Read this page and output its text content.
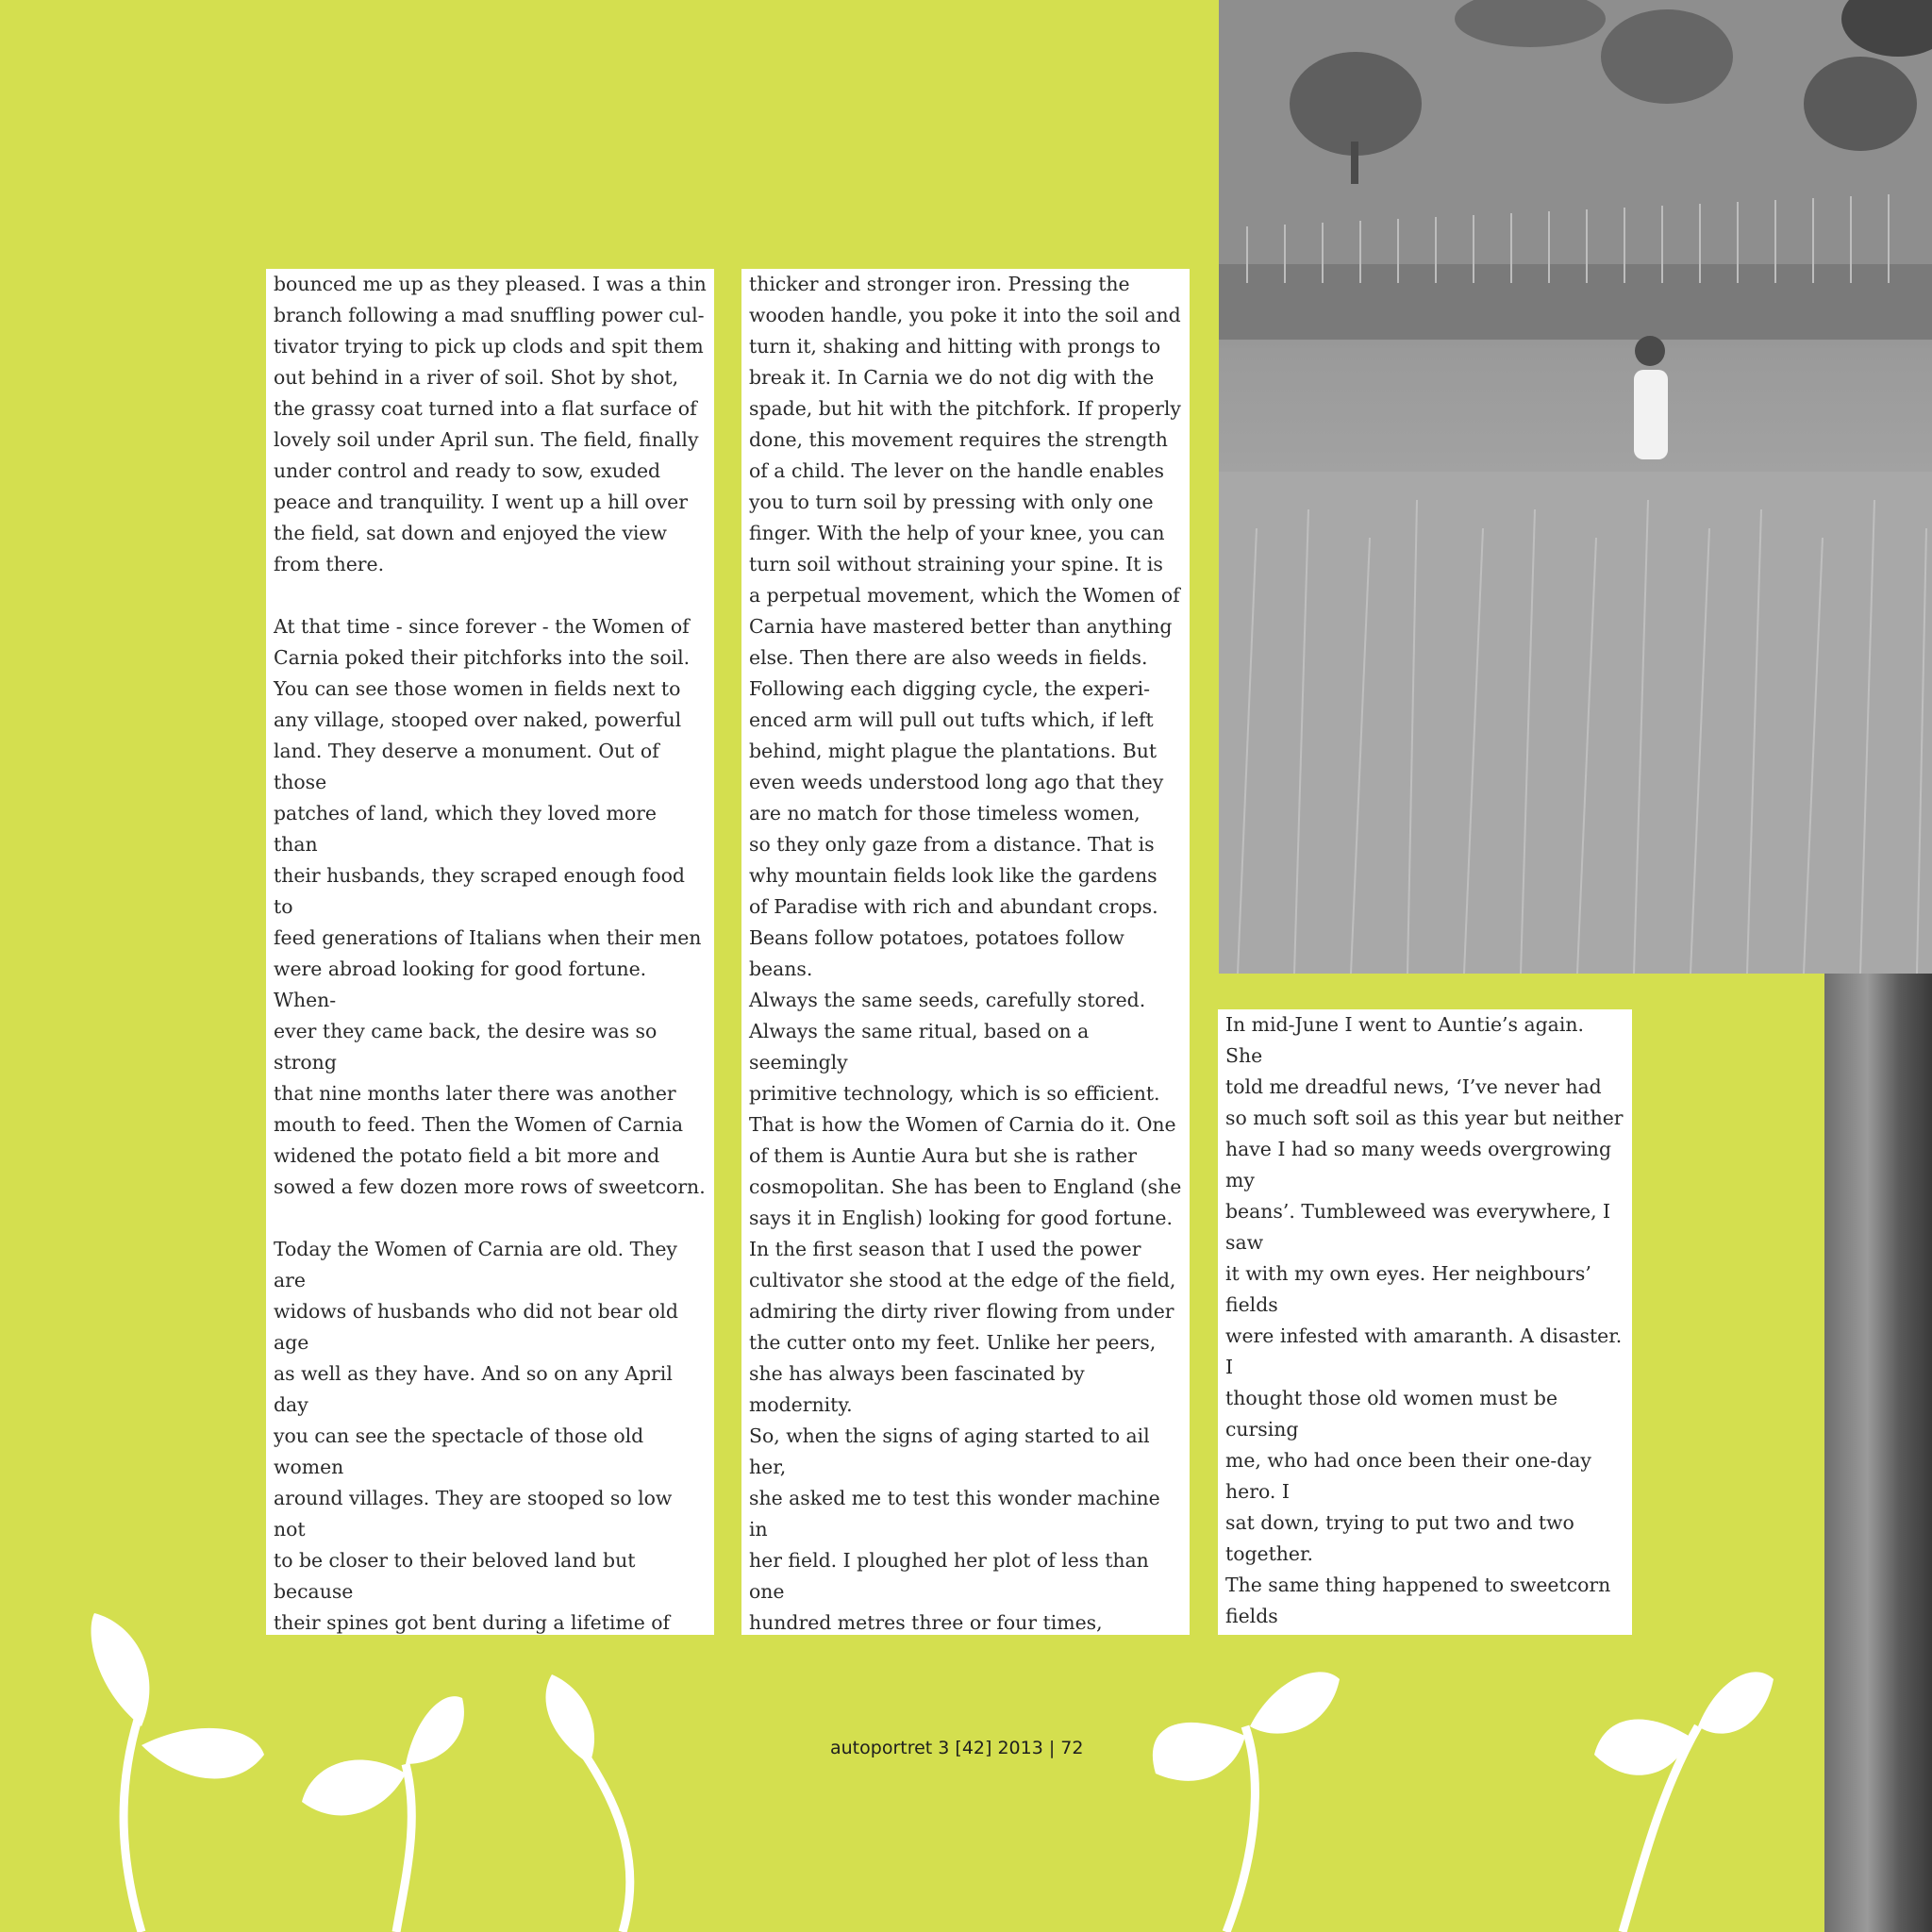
bounced me up as they pleased. I was a thin
branch following a mad snuffling power cul-
tivator trying to pick up clods and spit them
out behind in a river of soil. Shot by shot,
the grassy coat turned into a flat surface of
lovely soil under April sun. The field, finally
under control and ready to sow, exuded
peace and tranquility. I went up a hill over
the field, sat down and enjoyed the view
from there.

At that time - since forever - the Women of
Carnia poked their pitchforks into the soil.
You can see those women in fields next to
any village, stooped over naked, powerful
land. They deserve a monument. Out of those
patches of land, which they loved more than
their husbands, they scraped enough food to
feed generations of Italians when their men
were abroad looking for good fortune. When-
ever they came back, the desire was so strong
that nine months later there was another
mouth to feed. Then the Women of Carnia
widened the potato field a bit more and
sowed a few dozen more rows of sweetcorn.

Today the Women of Carnia are old. They are
widows of husbands who did not bear old age
as well as they have. And so on any April day
you can see the spectacle of those old women
around villages. They are stooped so low not
to be closer to their beloved land but because
their spines got bent during a lifetime of

thicker and stronger iron. Pressing the
wooden handle, you poke it into the soil and
turn it, shaking and hitting with prongs to
break it. In Carnia we do not dig with the
spade, but hit with the pitchfork. If properly
done, this movement requires the strength
of a child. The lever on the handle enables
you to turn soil by pressing with only one
finger. With the help of your knee, you can
turn soil without straining your spine. It is
a perpetual movement, which the Women of
Carnia have mastered better than anything
else. Then there are also weeds in fields.
Following each digging cycle, the experi-
enced arm will pull out tufts which, if left
behind, might plague the plantations. But
even weeds understood long ago that they
are no match for those timeless women,
so they only gaze from a distance. That is
why mountain fields look like the gardens
of Paradise with rich and abundant crops.
Beans follow potatoes, potatoes follow beans.
Always the same seeds, carefully stored.
Always the same ritual, based on a seemingly
primitive technology, which is so efficient.
That is how the Women of Carnia do it. One
of them is Auntie Aura but she is rather
cosmopolitan. She has been to England (she
says it in English) looking for good fortune.
In the first season that I used the power
cultivator she stood at the edge of the field,
admiring the dirty river flowing from under
the cutter onto my feet. Unlike her peers,
she has always been fascinated by modernity.
So, when the signs of aging started to ail her,
she asked me to test this wonder machine in
her field. I ploughed her plot of less than one
hundred metres three or four times,

In mid-June I went to Auntie’s again. She
told me dreadful news, ‘I’ve never had
so much soft soil as this year but neither
have I had so many weeds overgrowing my
beans’. Tumbleweed was everywhere, I saw
it with my own eyes. Her neighbours’ fields
were infested with amaranth. A disaster. I
thought those old women must be cursing
me, who had once been their one-day hero. I
sat down, trying to put two and two together.
The same thing happened to sweetcorn fields

autoportret 3 [42] 2013 | 72
